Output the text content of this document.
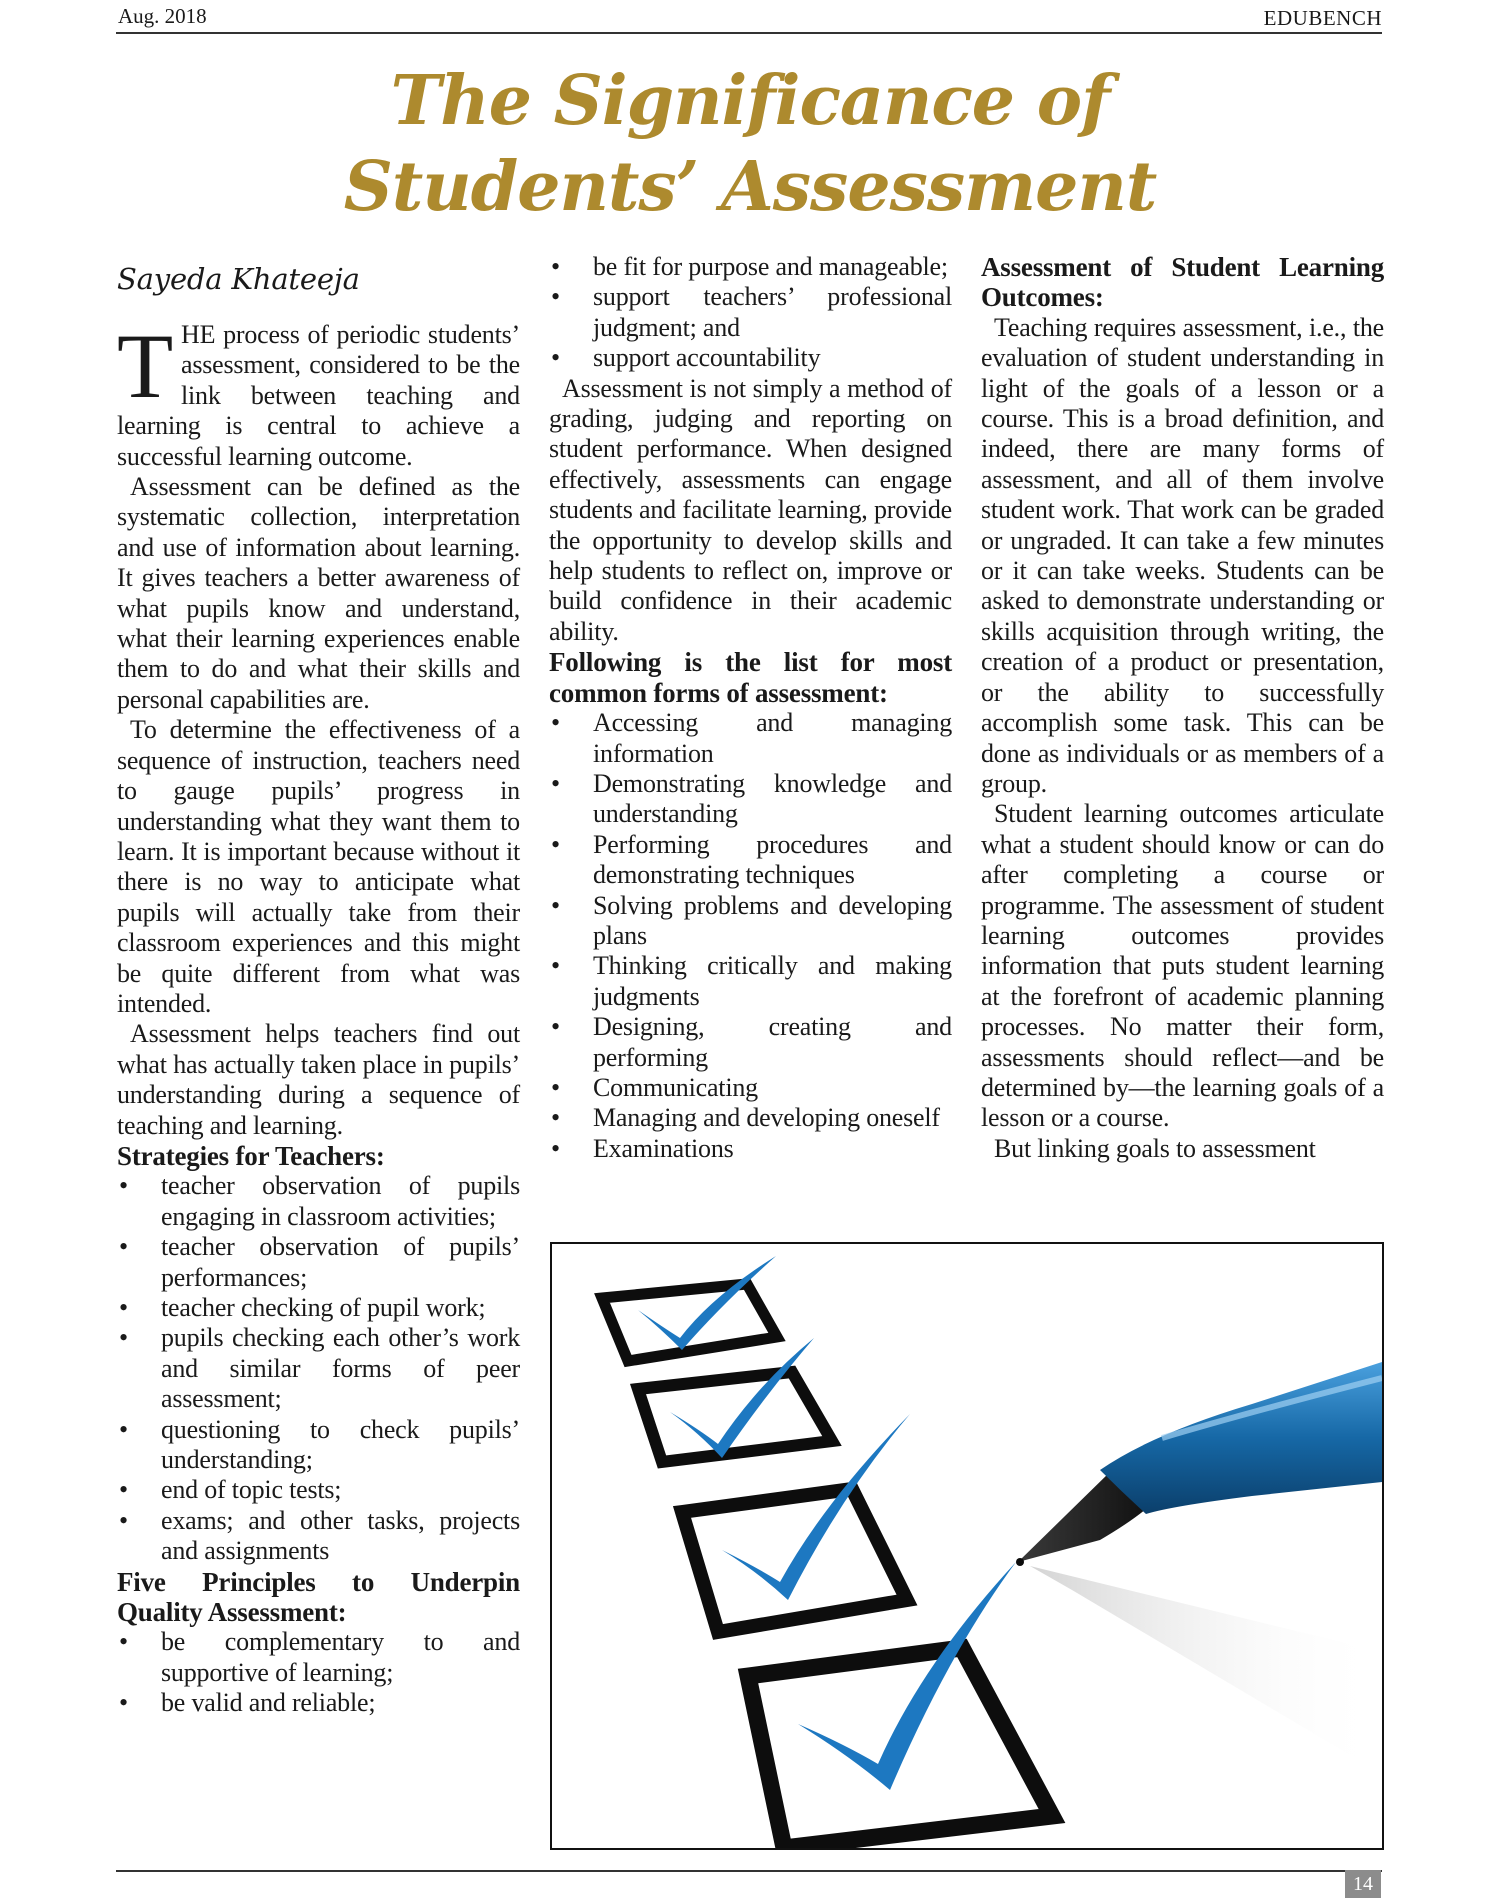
Aug. 2018	EDUBENCH
The Significance of
Students’ Assessment
Sayeda Khateeja

THE process of periodic students’ assessment, considered to be the link between teaching and learning is central to achieve a successful learning outcome.

Assessment can be defined as the systematic collection, interpretation and use of information about learning. It gives teachers a better awareness of what pupils know and understand, what their learning experiences enable them to do and what their skills and personal capabilities are.

To determine the effectiveness of a sequence of instruction, teachers need to gauge pupils’ progress in understanding what they want them to learn. It is important because without it there is no way to anticipate what pupils will actually take from their classroom experiences and this might be quite different from what was intended.

Assessment helps teachers find out what has actually taken place in pupils’ understanding during a sequence of teaching and learning.

Strategies for Teachers:
• teacher observation of pupils engaging in classroom activities;
• teacher observation of pupils’ performances;
• teacher checking of pupil work;
• pupils checking each other’s work and similar forms of peer assessment;
• questioning to check pupils’ understanding;
• end of topic tests;
• exams; and other tasks, projects and assignments
Five Principles to Underpin Quality Assessment:
• be complementary to and supportive of learning;
• be valid and reliable;
• be fit for purpose and manageable;
• support teachers’ professional judgment; and
• support accountability

Assessment is not simply a method of grading, judging and reporting on student performance. When designed effectively, assessments can engage students and facilitate learning, provide the opportunity to develop skills and help students to reflect on, improve or build confidence in their academic ability.

Following is the list for most common forms of assessment:
• Accessing and managing information
• Demonstrating knowledge and understanding
• Performing procedures and demonstrating techniques
• Solving problems and developing plans
• Thinking critically and making judgments
• Designing, creating and performing
• Communicating
• Managing and developing oneself
• Examinations
Assessment of Student Learning Outcomes:

Teaching requires assessment, i.e., the evaluation of student understanding in light of the goals of a lesson or a course. This is a broad definition, and indeed, there are many forms of assessment, and all of them involve student work. That work can be graded or ungraded. It can take a few minutes or it can take weeks. Students can be asked to demonstrate understanding or skills acquisition through writing, the creation of a product or presentation, or the ability to successfully accomplish some task. This can be done as individuals or as members of a group.

Student learning outcomes articulate what a student should know or can do after completing a course or programme. The assessment of student learning outcomes provides information that puts student learning at the forefront of academic planning processes. No matter their form, assessments should reflect—and be determined by—the learning goals of a lesson or a course.

But linking goals to assessment

14
